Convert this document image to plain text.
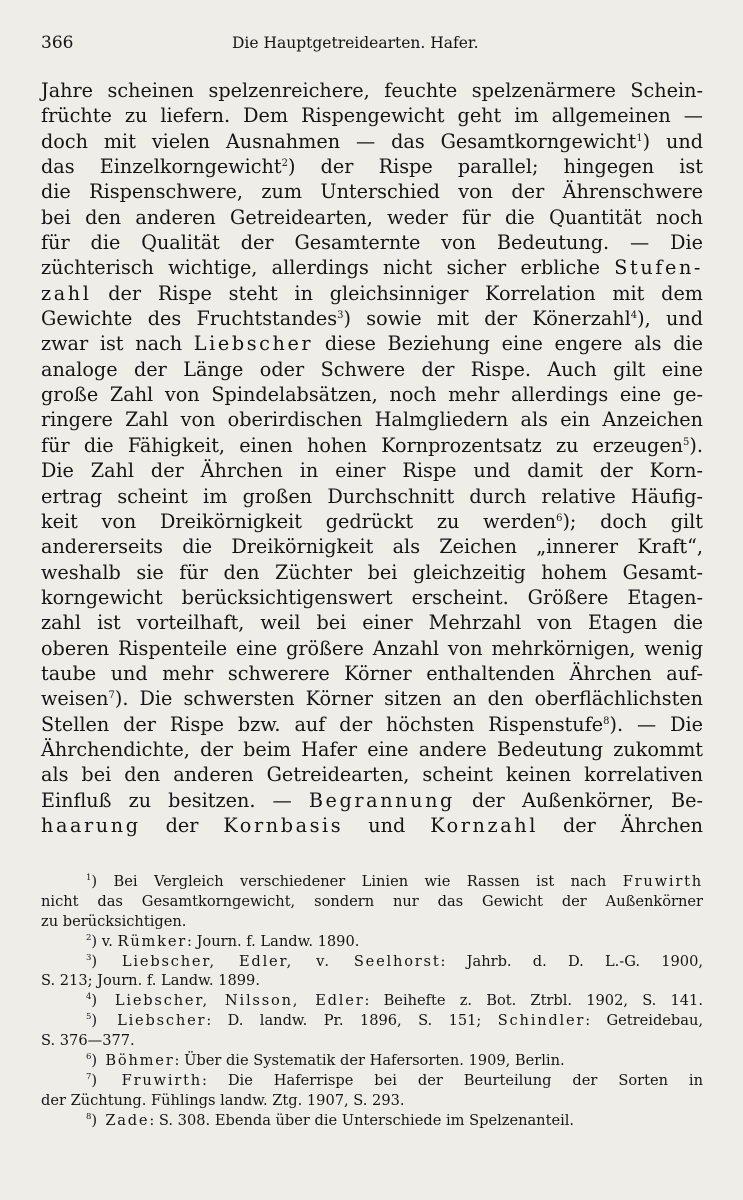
366	Die Hauptgetreidearten. Hafer.
Jahre scheinen spelzenreichere, feuchte spelzenärmere Schein-
früchte zu liefern. Dem Rispengewicht geht im allgemeinen —
doch mit vielen Ausnahmen — das Gesamtkorngewicht$^1$) und
das Einzelkorngewicht$^2$) der Rispe parallel; hingegen ist
die Rispenschwere, zum Unterschied von der Ährenschwere
bei den anderen Getreidearten, weder für die Quantität noch
für die Qualität der Gesamternte von Bedeutung. — Die
züchterisch wichtige, allerdings nicht sicher erbliche Stufen-
zahl der Rispe steht in gleichsinniger Korrelation mit dem
Gewichte des Fruchtstandes$^3$) sowie mit der Könerzahl$^4$), und
zwar ist nach Liebscher diese Beziehung eine engere als die
analoge der Länge oder Schwere der Rispe. Auch gilt eine
große Zahl von Spindelabsätzen, noch mehr allerdings eine ge-
ringere Zahl von oberirdischen Halmgliedern als ein Anzeichen
für die Fähigkeit, einen hohen Kornprozentsatz zu erzeugen$^5$).
Die Zahl der Ährchen in einer Rispe und damit der Korn-
ertrag scheint im großen Durchschnitt durch relative Häufig-
keit von Dreikörnigkeit gedrückt zu werden$^6$); doch gilt
andererseits die Dreikörnigkeit als Zeichen „innerer Kraft“,
weshalb sie für den Züchter bei gleichzeitig hohem Gesamt-
korngewicht berücksichtigenswert erscheint. Größere Etagen-
zahl ist vorteilhaft, weil bei einer Mehrzahl von Etagen die
oberen Rispenteile eine größere Anzahl von mehrkörnigen, wenig
taube und mehr schwerere Körner enthaltenden Ährchen auf-
weisen$^7$). Die schwersten Körner sitzen an den oberflächlichsten
Stellen der Rispe bzw. auf der höchsten Rispenstufe$^8$). — Die
Ährchendichte, der beim Hafer eine andere Bedeutung zukommt
als bei den anderen Getreidearten, scheint keinen korrelativen
Einfluß zu besitzen. — Begrannung der Außenkörner, Be-
haarung der Kornbasis und Kornzahl der Ährchen
$^1$) Bei Vergleich verschiedener Linien wie Rassen ist nach Fruwirth
nicht das Gesamtkorngewicht, sondern nur das Gewicht der Außenkörner
zu berücksichtigen.
$^2$) v. Rümker: Journ. f. Landw. 1890.
$^3$) Liebscher, Edler, v. Seelhorst: Jahrb. d. D. L.-G. 1900,
S. 213; Journ. f. Landw. 1899.
$^4$) Liebscher, Nilsson, Edler: Beihefte z. Bot. Ztrbl. 1902, S. 141.
$^5$) Liebscher: D. landw. Pr. 1896, S. 151; Schindler: Getreidebau,
S. 376—377.
$^6$) Böhmer: Über die Systematik der Hafersorten. 1909, Berlin.
$^7$) Fruwirth: Die Haferrispe bei der Beurteilung der Sorten in
der Züchtung. Fühlings landw. Ztg. 1907, S. 293.
$^8$) Zade: S. 308. Ebenda über die Unterschiede im Spelzenanteil.
